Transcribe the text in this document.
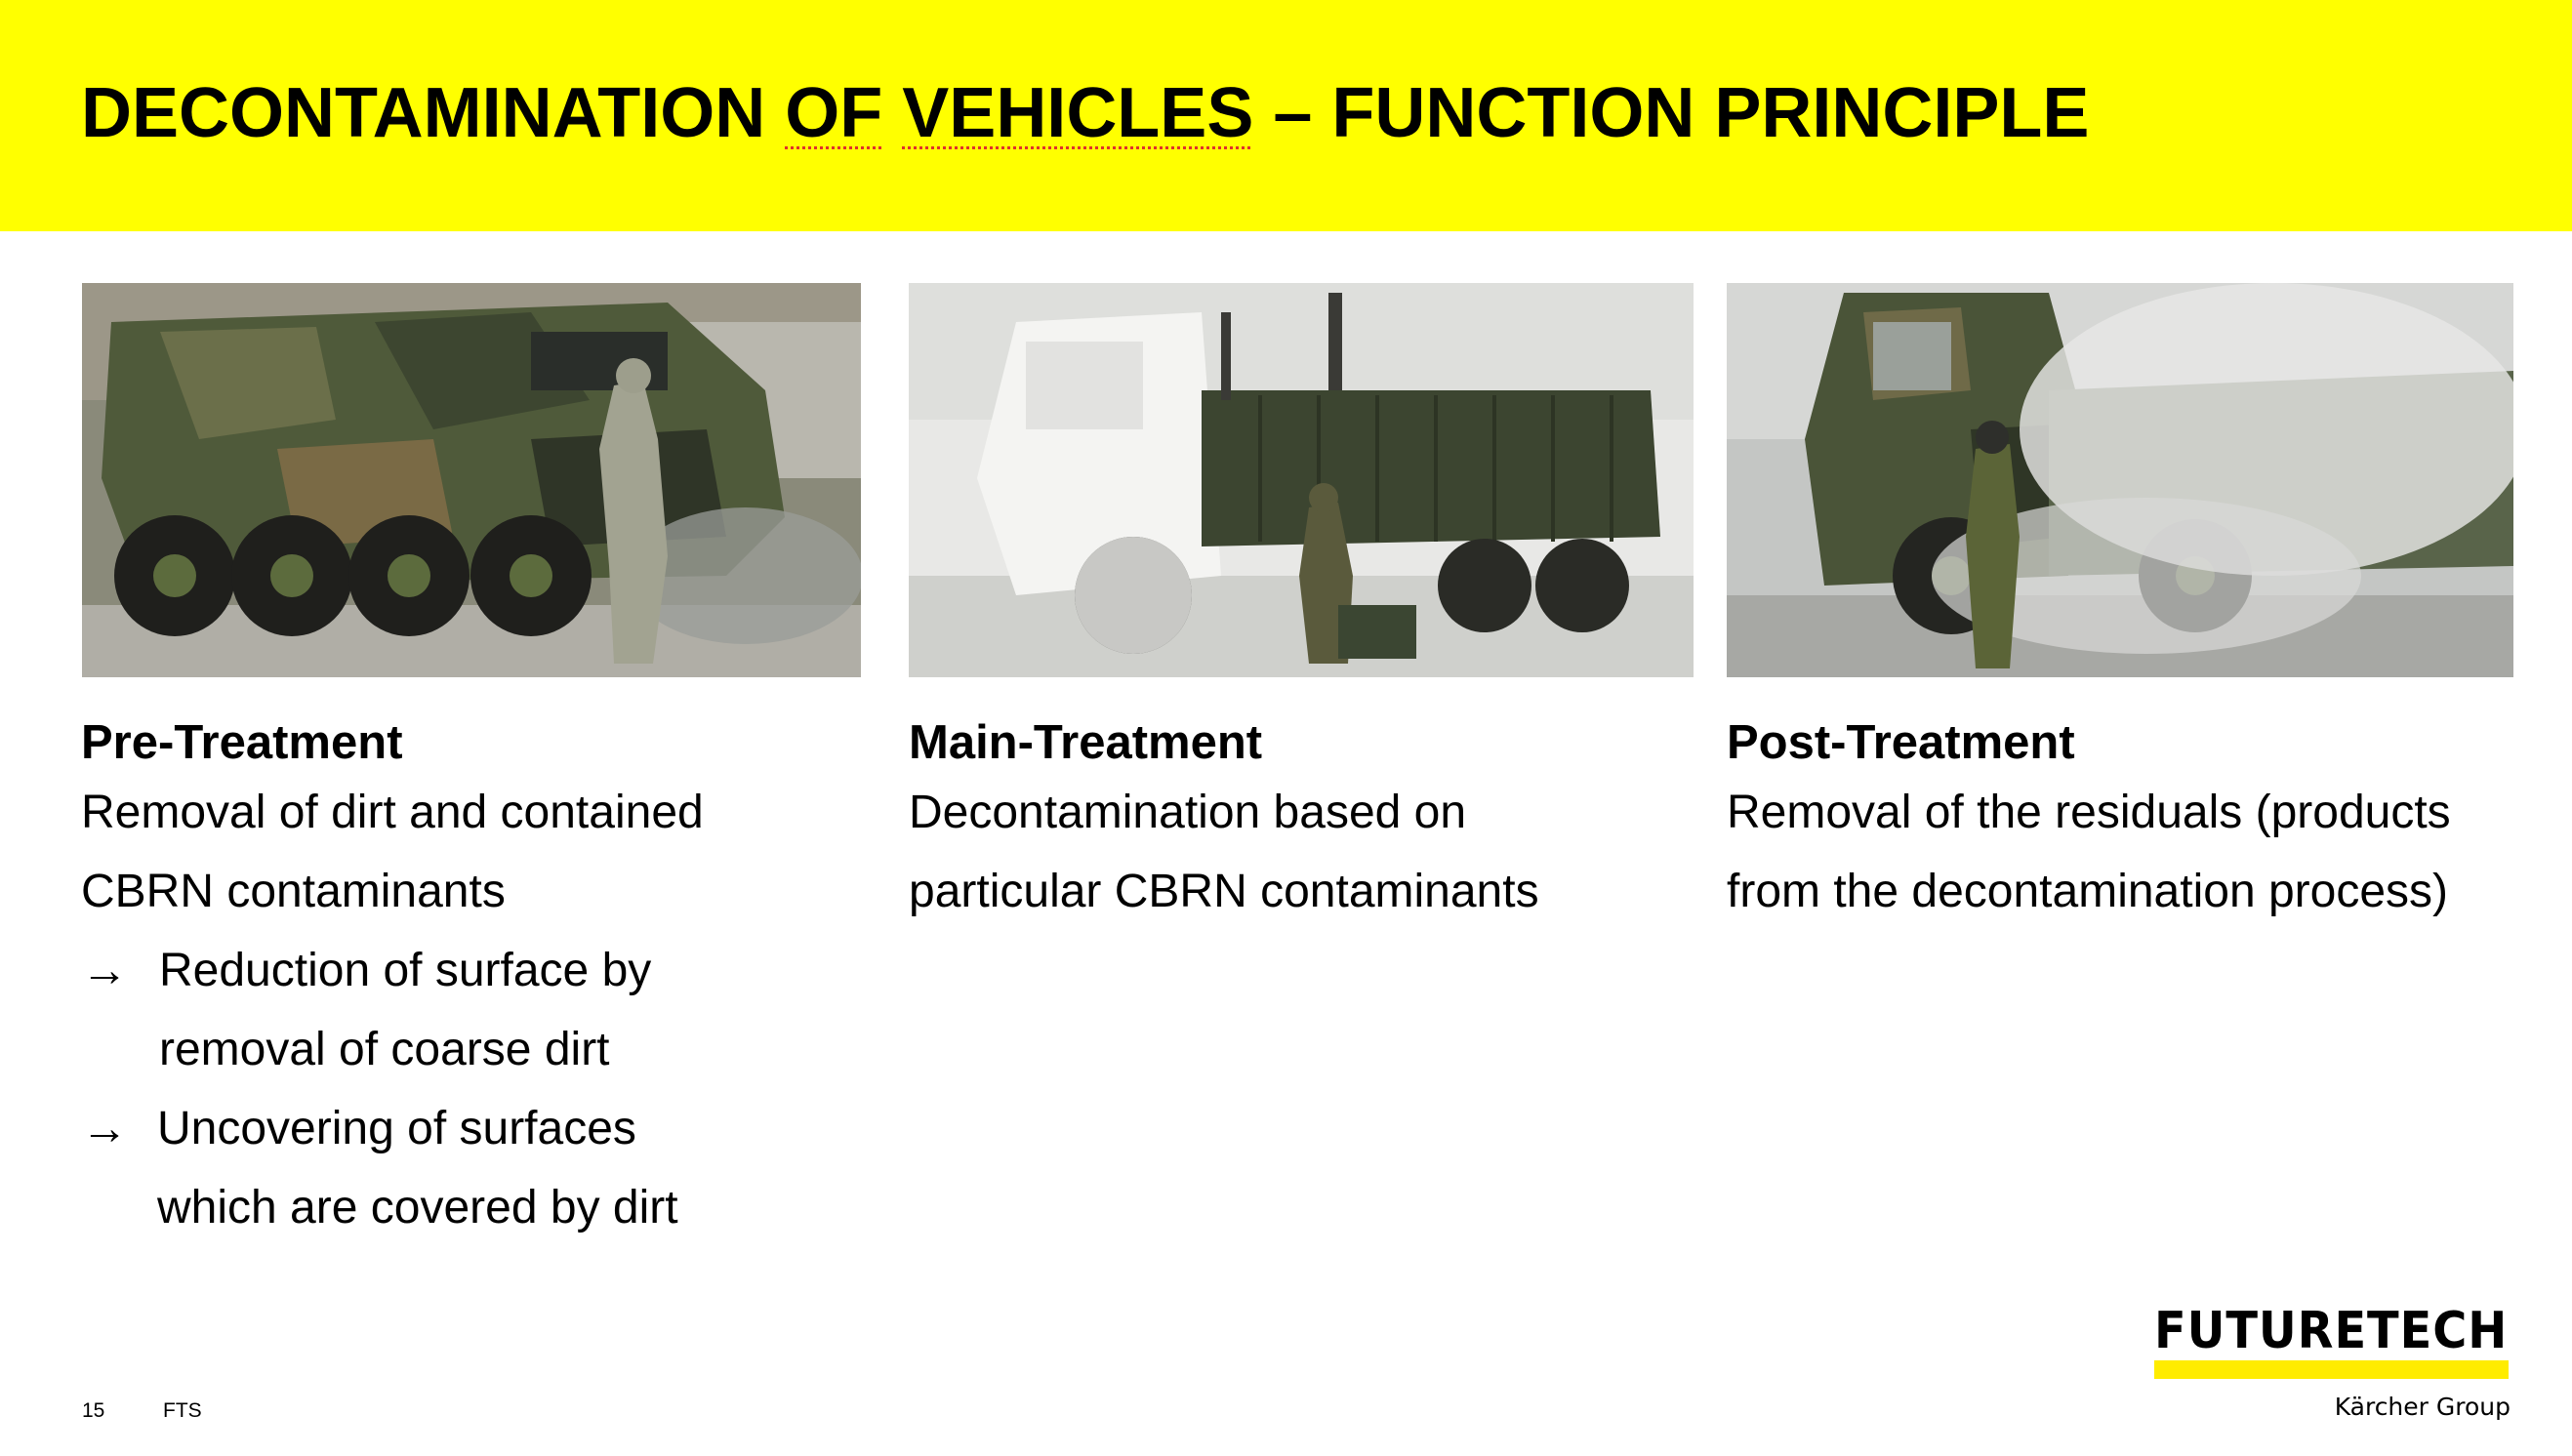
DECONTAMINATION OF VEHICLES – FUNCTION PRINCIPLE
Pre-Treatment

Removal of dirt and contained CBRN contaminants

→ Reduction of surface by removal of coarse dirt
→ Uncovering of surfaces which are covered by dirt
Main-Treatment

Decontamination based on particular CBRN contaminants

Post-Treatment

Removal of the residuals (products from the decontamination process)

15	FTS
FUTURETECH
Kärcher Group
